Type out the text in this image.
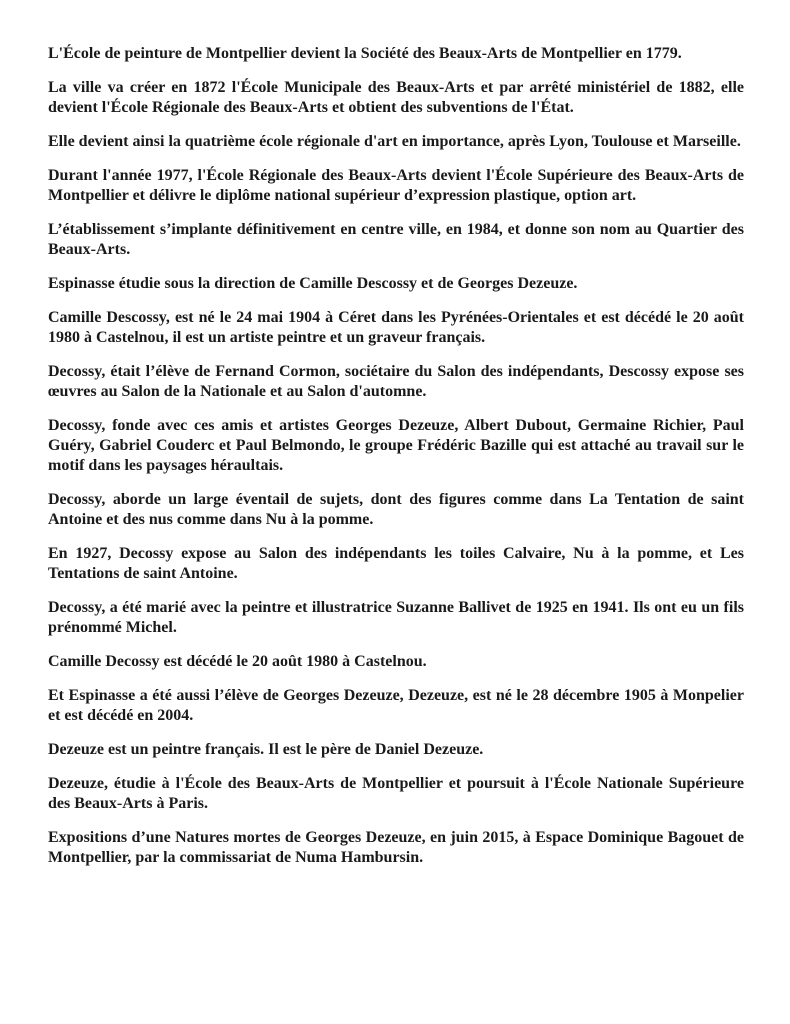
L'École de peinture de Montpellier devient la Société des Beaux-Arts de Montpellier en 1779.

La ville va créer en 1872 l'École Municipale des Beaux-Arts et par arrêté ministériel de 1882, elle devient l'École Régionale des Beaux-Arts et obtient des subventions de l'État.

Elle devient ainsi la quatrième école régionale d'art en importance, après Lyon, Toulouse et Marseille.

Durant l'année 1977, l'École Régionale des Beaux-Arts devient l'École Supérieure des Beaux-Arts de Montpellier et délivre le diplôme national supérieur d’expression plastique, option art.

L’établissement s’implante définitivement en centre ville, en 1984, et donne son nom au Quartier des Beaux-Arts.

Espinasse étudie sous la direction de Camille Descossy et de Georges Dezeuze.

Camille Descossy, est né le 24 mai 1904 à Céret dans les Pyrénées-Orientales et est décédé le 20 août 1980 à Castelnou, il est un artiste peintre et un graveur français.

Decossy, était l’élève de Fernand Cormon, sociétaire du Salon des indépendants, Descossy expose ses œuvres au Salon de la Nationale et au Salon d'automne.

Decossy, fonde avec ces amis et artistes Georges Dezeuze, Albert Dubout, Germaine Richier, Paul Guéry, Gabriel Couderc et Paul Belmondo, le groupe Frédéric Bazille qui est attaché au travail sur le motif dans les paysages héraultais.

Decossy, aborde un large éventail de sujets, dont des figures comme dans La Tentation de saint Antoine et des nus comme dans Nu à la pomme.

En 1927, Decossy expose au Salon des indépendants les toiles Calvaire, Nu à la pomme, et Les Tentations de saint Antoine.

Decossy, a été marié avec la peintre et illustratrice Suzanne Ballivet de 1925 en 1941. Ils ont eu un fils prénommé Michel.

Camille Decossy est décédé le 20 août 1980 à Castelnou.

Et Espinasse a été aussi l’élève de Georges Dezeuze, Dezeuze, est né le 28 décembre 1905 à Monpelier et est décédé en 2004.

Dezeuze est un peintre français. Il est le père de Daniel Dezeuze.

Dezeuze, étudie à l'École des Beaux-Arts de Montpellier et poursuit à l'École Nationale Supérieure des Beaux-Arts à Paris.

Expositions d’une Natures mortes de Georges Dezeuze, en juin 2015, à Espace Dominique Bagouet de Montpellier, par la commissariat de Numa Hambursin.
